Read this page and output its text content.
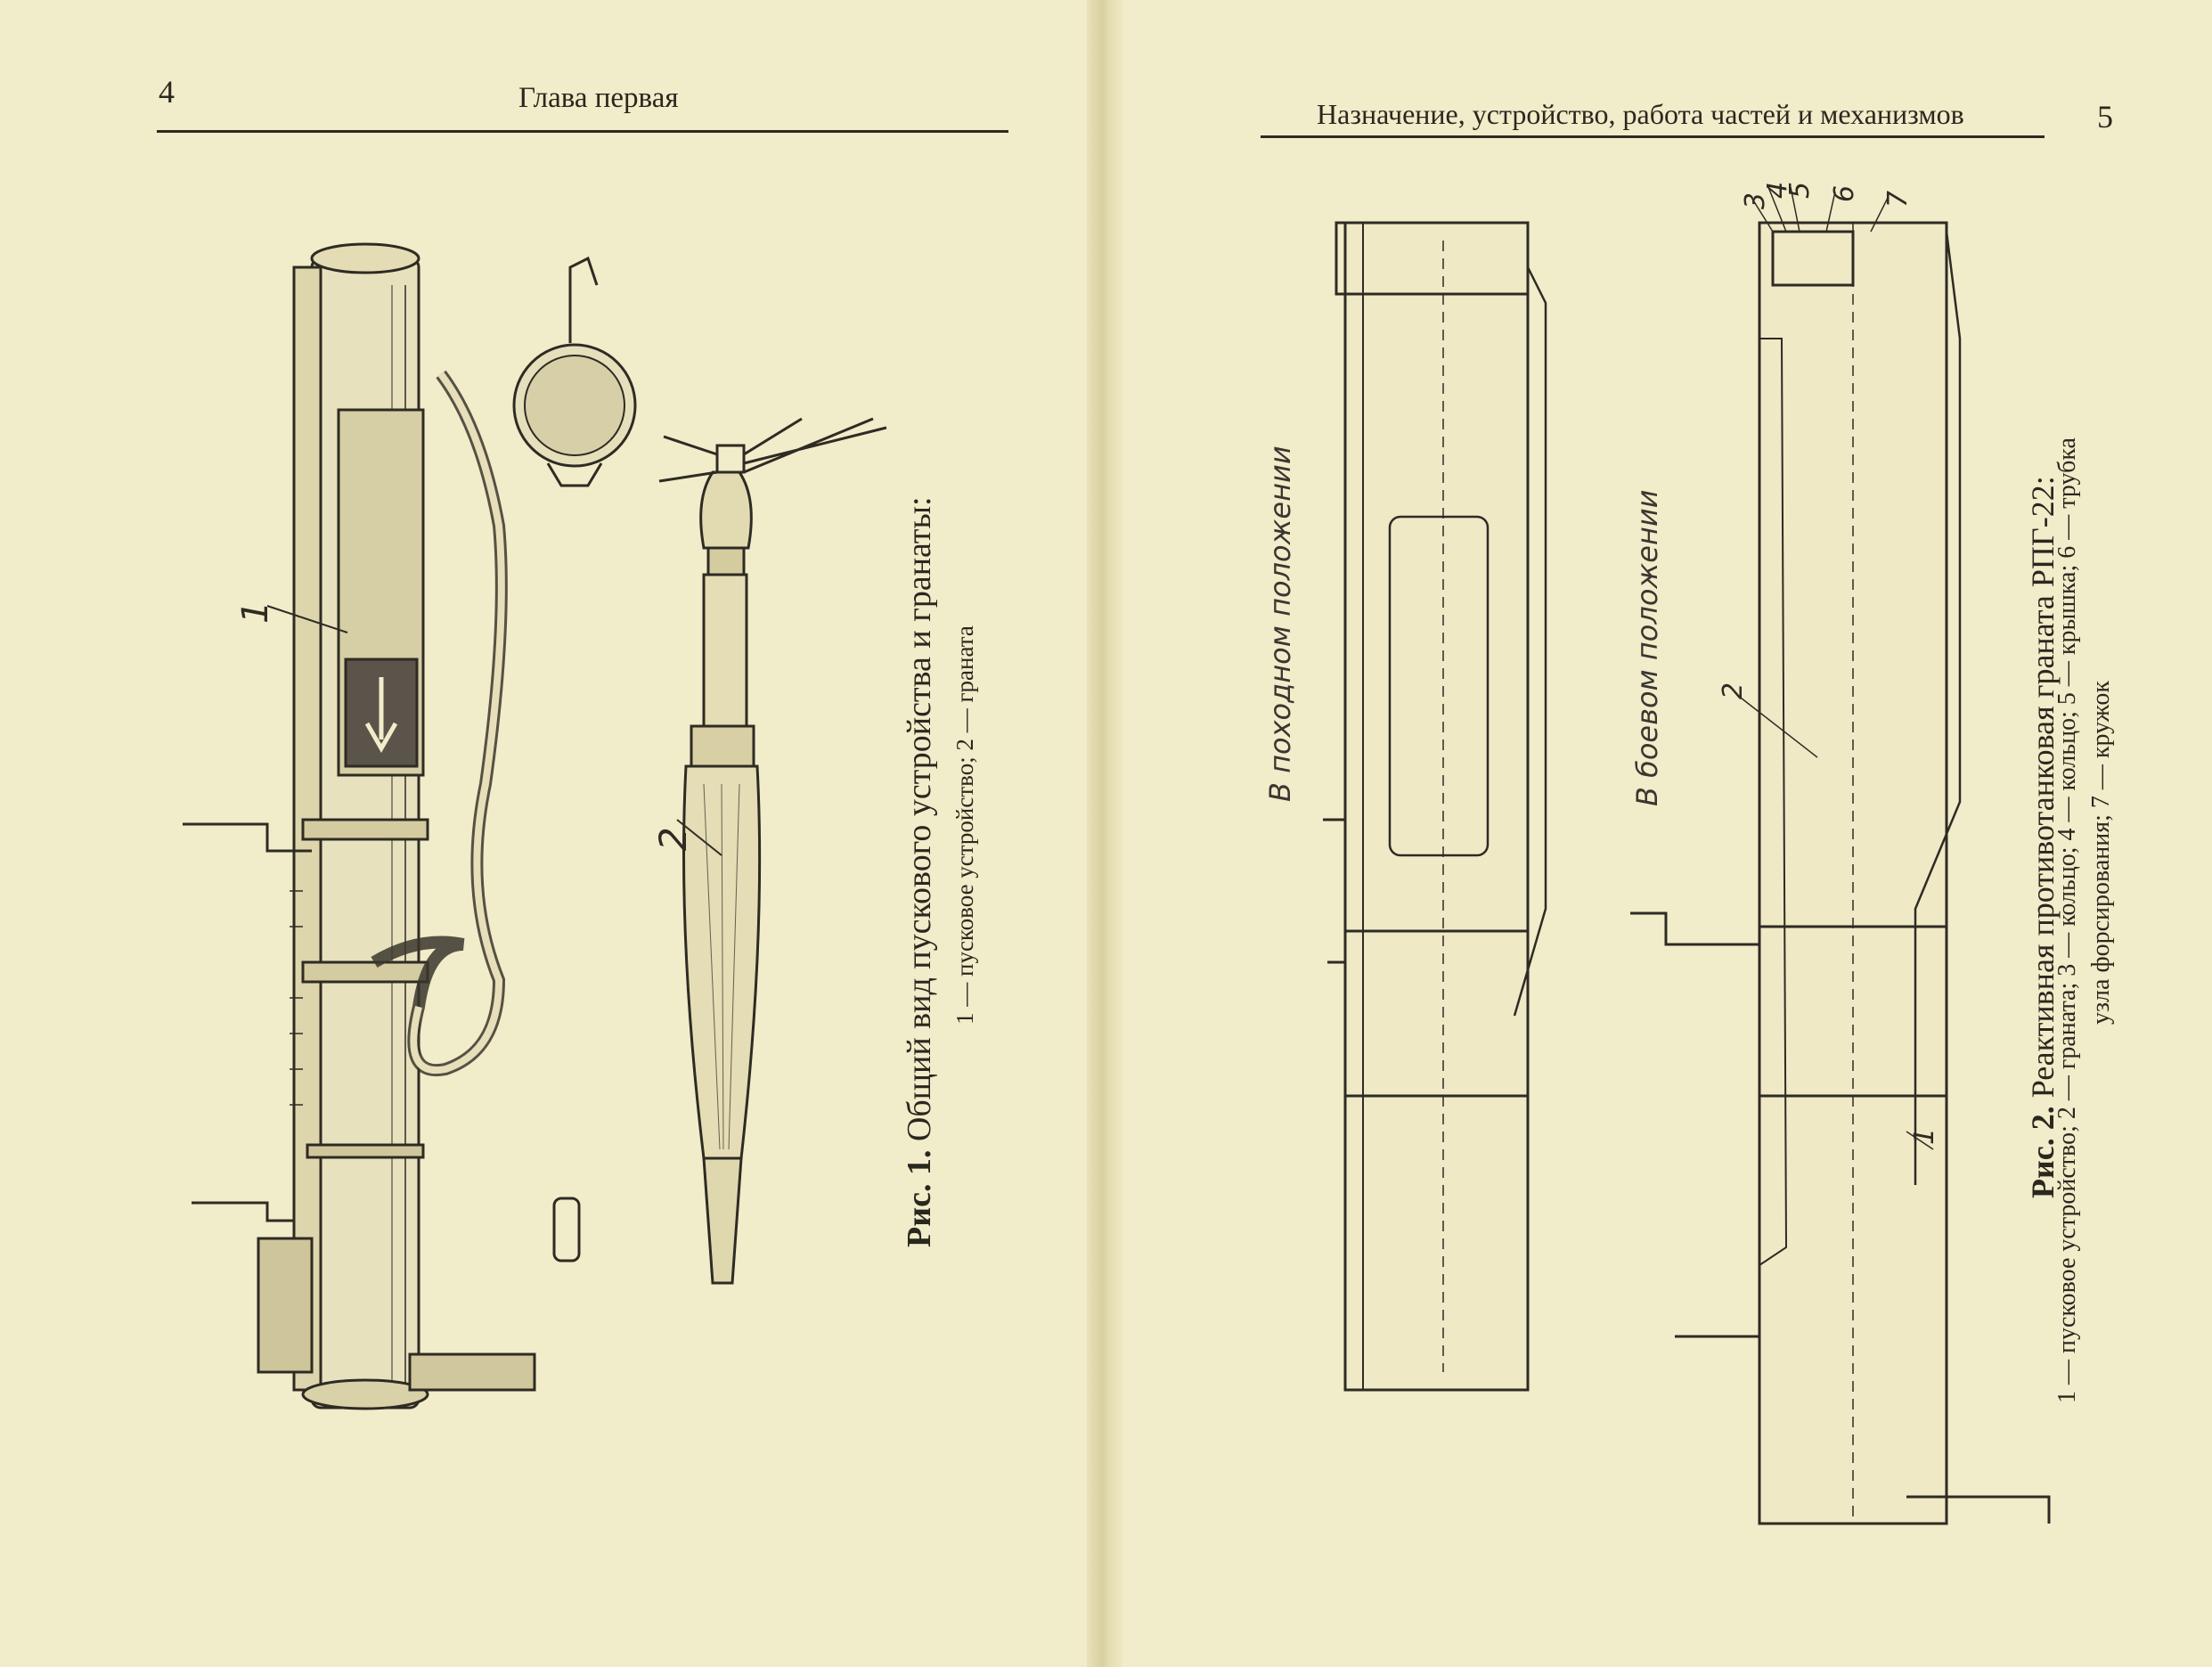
4	Глава первая	Назначение, устройство, работа частей и механизмов	5
1
2
Рис. 1. Общий вид пускового устройства и гранаты: 1 — пусковое устройство; 2 — граната
1
2
3
4
5 6 7
В походном положении	В боевом положении
Рис. 2. Реактивная противотанковая граната РПГ-22:
1 — пусковое устройство; 2 — граната; 3 — кольцо; 4 — кольцо; 5 — крышка; 6 — трубка узла форсирования; 7 — кружок
